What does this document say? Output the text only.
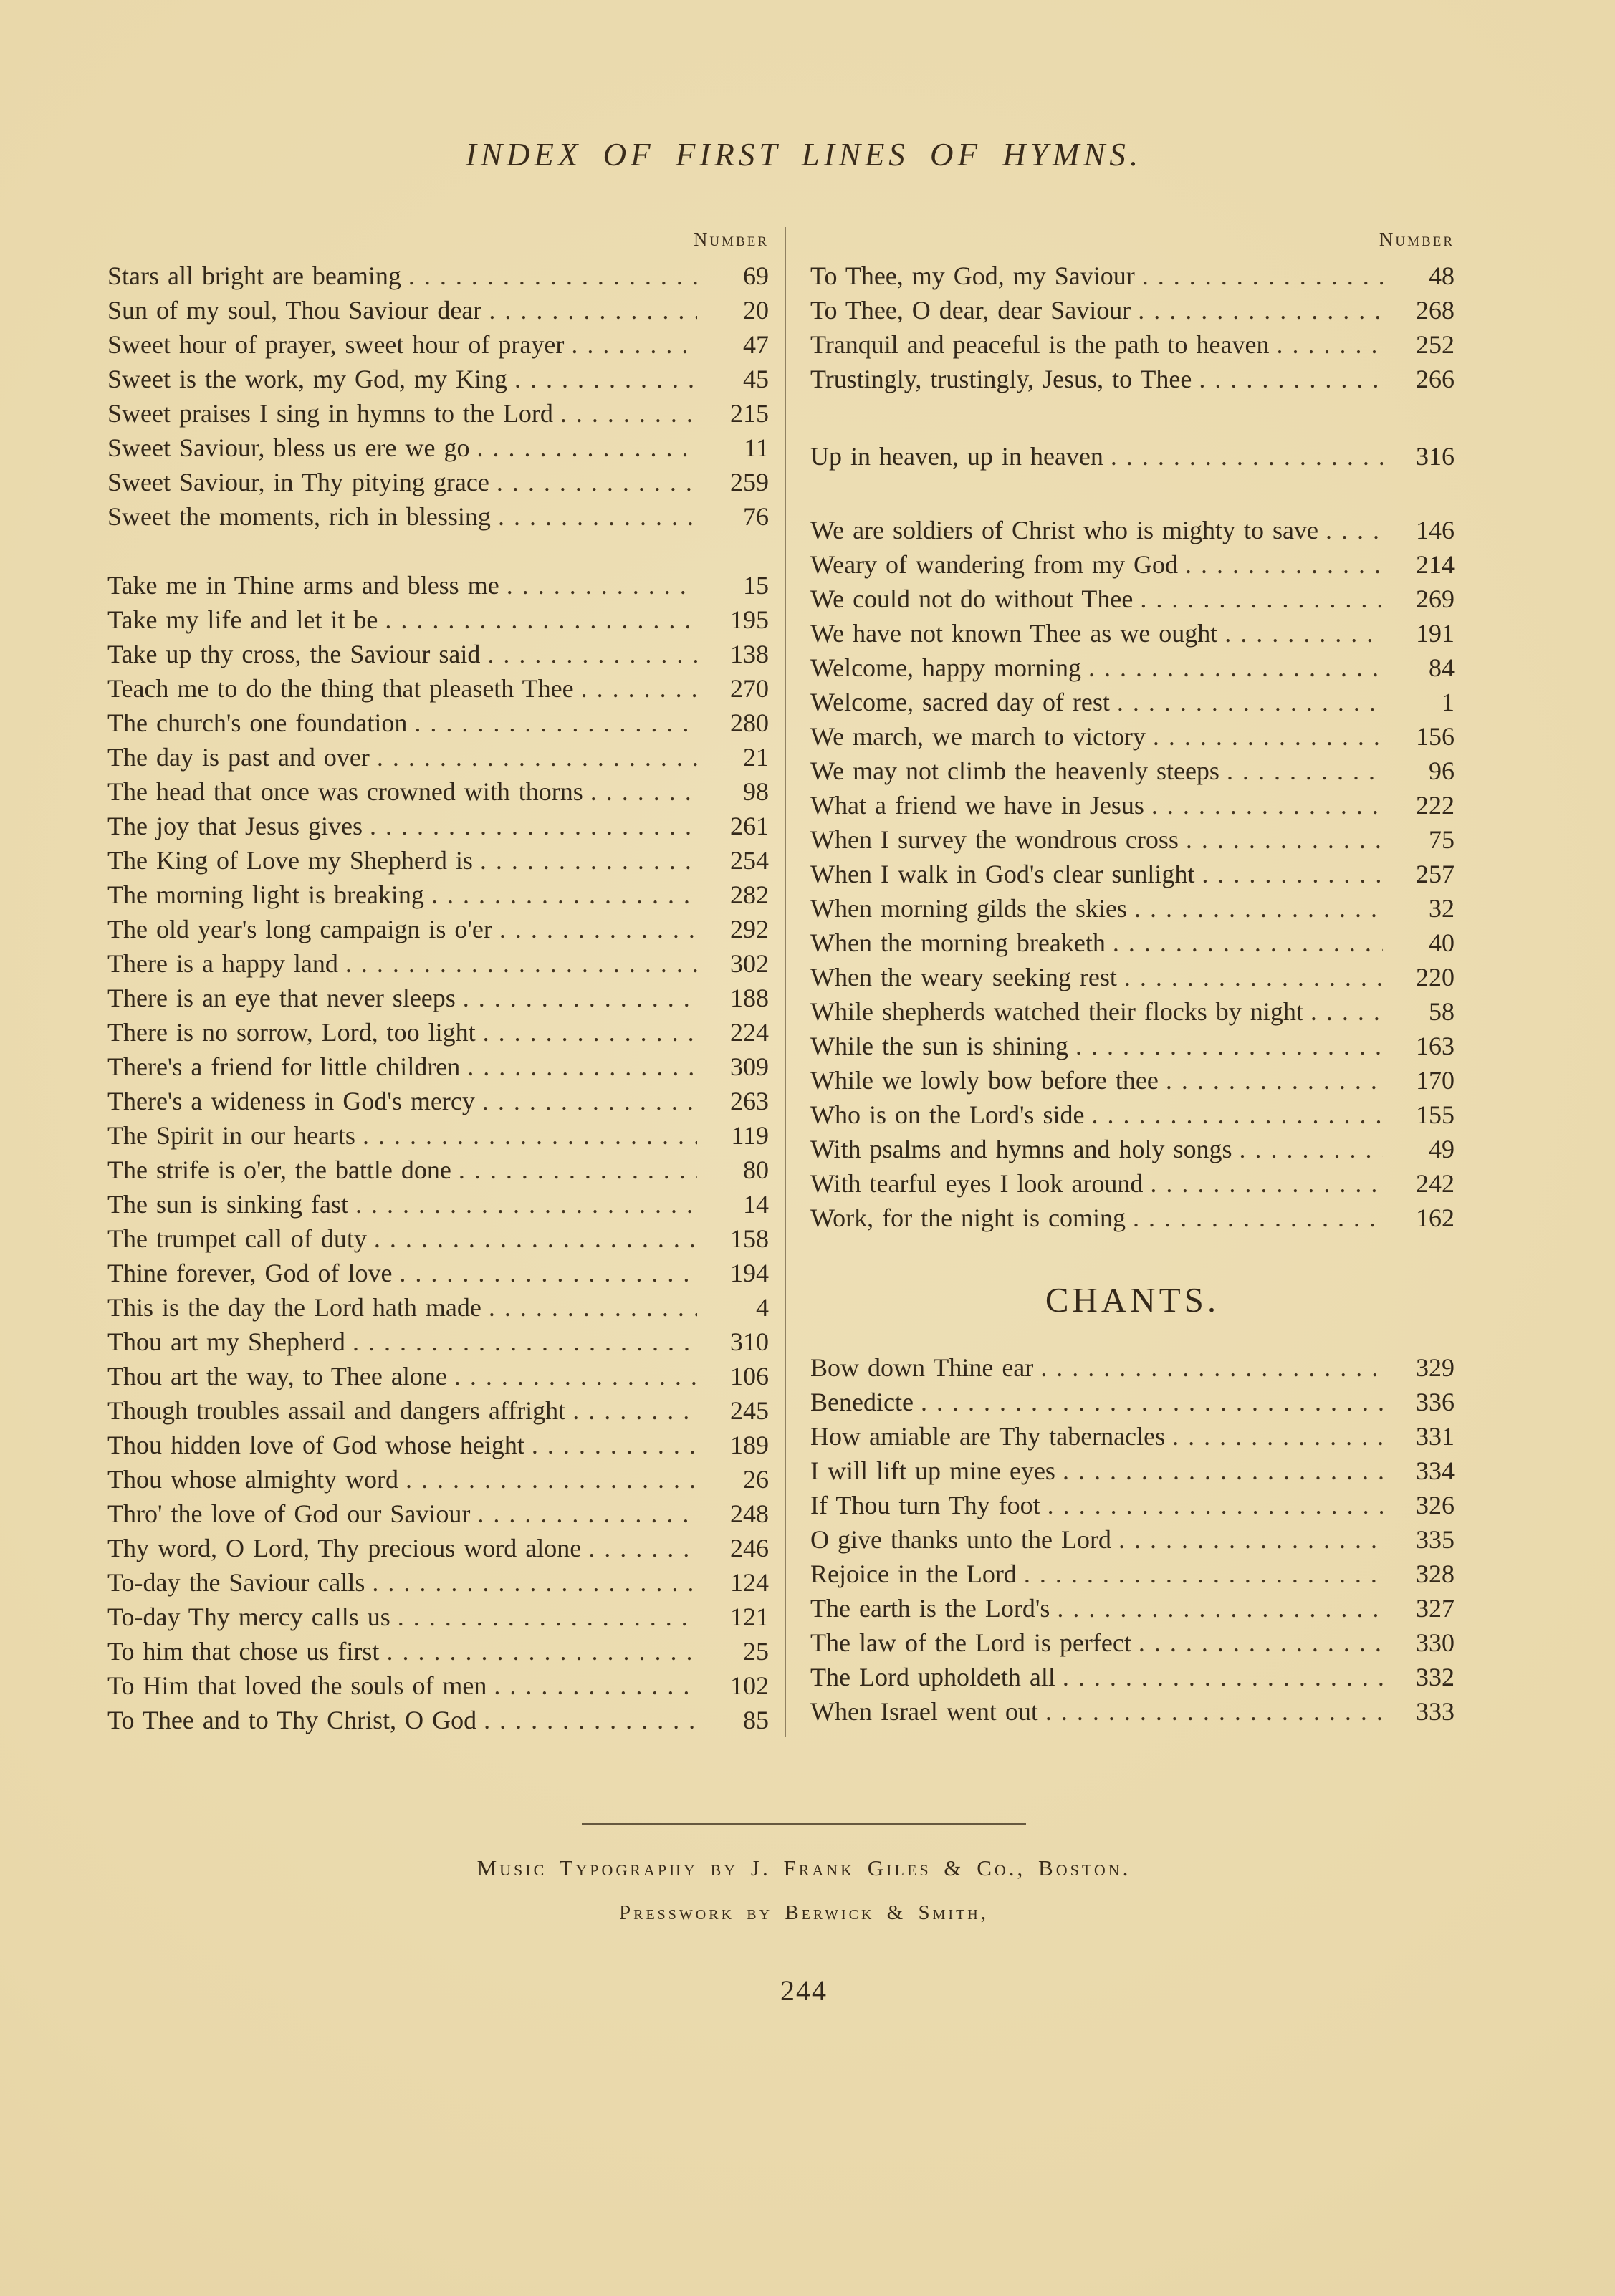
INDEX OF FIRST LINES OF HYMNS.
Number
Stars all bright are beaming .....	69
Sun of my soul, Thou Saviour dear .....	20
Sweet hour of prayer, sweet hour of prayer .....	47
Sweet is the work, my God, my King .....	45
Sweet praises I sing in hymns to the Lord .....	215
Sweet Saviour, bless us ere we go .....	11
Sweet Saviour, in Thy pitying grace .....	259
Sweet the moments, rich in blessing .....	76
Take me in Thine arms and bless me .....	15
Take my life and let it be .....	195
Take up thy cross, the Saviour said .....	138
Teach me to do the thing that pleaseth Thee .....	270
The church's one foundation .....	280
The day is past and over .....	21
The head that once was crowned with thorns .....	98
The joy that Jesus gives .....	261
The King of Love my Shepherd is .....	254
The morning light is breaking .....	282
The old year's long campaign is o'er .....	292
There is a happy land .....	302
There is an eye that never sleeps .....	188
There is no sorrow, Lord, too light .....	224
There's a friend for little children .....	309
There's a wideness in God's mercy .....	263
The Spirit in our hearts .....	119
The strife is o'er, the battle done .....	80
The sun is sinking fast .....	14
The trumpet call of duty .....	158
Thine forever, God of love .....	194
This is the day the Lord hath made .....	4
Thou art my Shepherd .....	310
Thou art the way, to Thee alone .....	106
Though troubles assail and dangers affright .....	245
Thou hidden love of God whose height .....	189
Thou whose almighty word .....	26
Thro' the love of God our Saviour .....	248
Thy word, O Lord, Thy precious word alone .....	246
To-day the Saviour calls .....	124
To-day Thy mercy calls us .....	121
To him that chose us first .....	25
To Him that loved the souls of men .....	102
To Thee and to Thy Christ, O God .....	85
Number
To Thee, my God, my Saviour .....	48
To Thee, O dear, dear Saviour .....	268
Tranquil and peaceful is the path to heaven .....	252
Trustingly, trustingly, Jesus, to Thee .....	266
Up in heaven, up in heaven .....	316
We are soldiers of Christ who is mighty to save .....	146
Weary of wandering from my God .....	214
We could not do without Thee .....	269
We have not known Thee as we ought .....	191
Welcome, happy morning .....	84
Welcome, sacred day of rest .....	1
We march, we march to victory .....	156
We may not climb the heavenly steeps .....	96
What a friend we have in Jesus .....	222
When I survey the wondrous cross .....	75
When I walk in God's clear sunlight .....	257
When morning gilds the skies .....	32
When the morning breaketh .....	40
When the weary seeking rest .....	220
While shepherds watched their flocks by night .....	58
While the sun is shining .....	163
While we lowly bow before thee .....	170
Who is on the Lord's side .....	155
With psalms and hymns and holy songs .....	49
With tearful eyes I look around .....	242
Work, for the night is coming .....	162
CHANTS.
Bow down Thine ear .....	329
Benedicte .....	336
How amiable are Thy tabernacles .....	331
I will lift up mine eyes .....	334
If Thou turn Thy foot .....	326
O give thanks unto the Lord .....	335
Rejoice in the Lord .....	328
The earth is the Lord's .....	327
The law of the Lord is perfect .....	330
The Lord upholdeth all .....	332
When Israel went out .....	333

Music Typography by J. Frank Giles & Co., Boston.

Presswork by Berwick & Smith,

244
